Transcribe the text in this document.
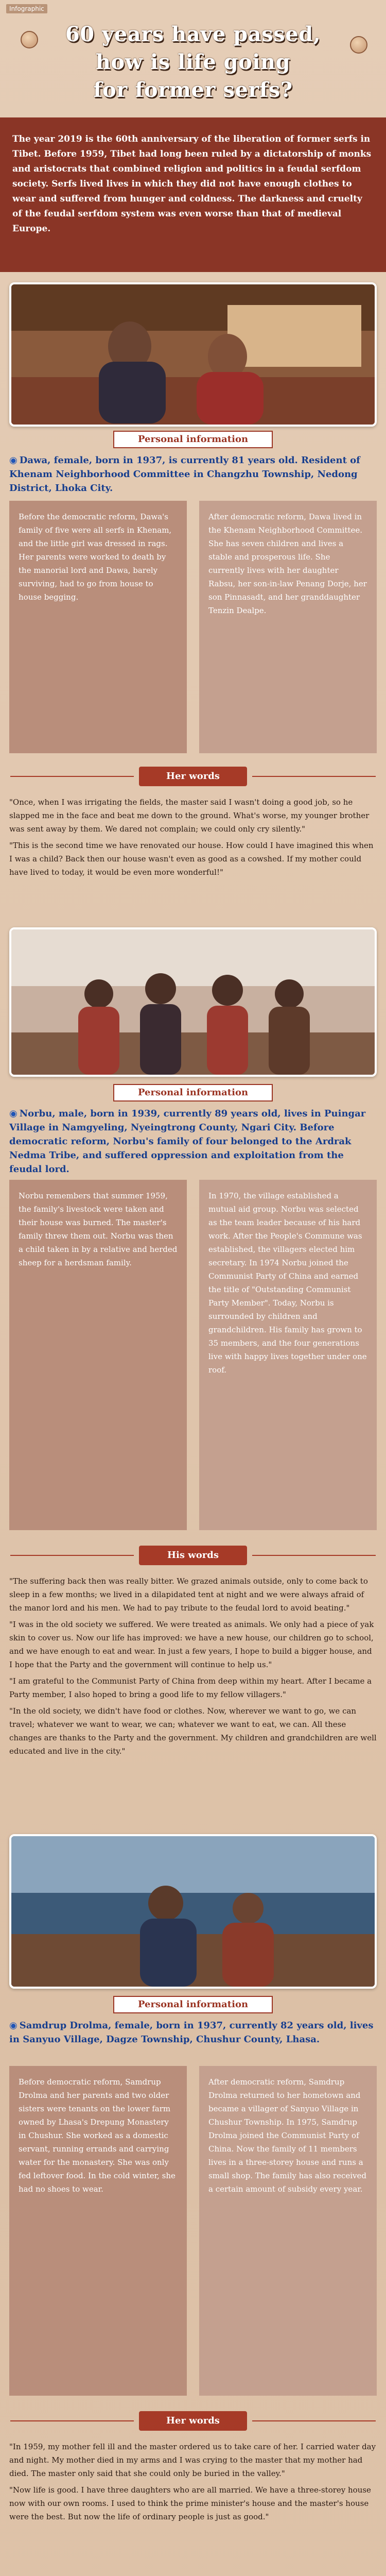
Infographic
60 years have passed,
how is life going
for former serfs?
The year 2019 is the 60th anniversary of the liberation of former serfs in Tibet. Before 1959, Tibet had long been ruled by a dictatorship of monks and aristocrats that combined religion and politics in a feudal serfdom society. Serfs lived lives in which they did not have enough clothes to wear and suffered from hunger and coldness. The darkness and cruelty of the feudal serfdom system was even worse than that of medieval Europe.
Personal information
◉ Dawa, female, born in 1937, is currently 81 years old. Resident of Khenam Neighborhood Committee in Changzhu Township, Nedong District, Lhoka City.
Before the democratic reform, Dawa's family of five were all serfs in Khenam, and the little girl was dressed in rags. Her parents were worked to death by the manorial lord and Dawa, barely surviving, had to go from house to house begging.
After democratic reform, Dawa lived in the Khenam Neighborhood Committee. She has seven children and lives a stable and prosperous life. She currently lives with her daughter Rabsu, her son-in-law Penang Dorje, her son Pinnasadt, and her granddaughter Tenzin Dealpe.
Her words

"Once, when I was irrigating the fields, the master said I wasn't doing a good job, so he slapped me in the face and beat me down to the ground. What's worse, my younger brother was sent away by them. We dared not complain; we could only cry silently."

"This is the second time we have renovated our house. How could I have imagined this when I was a child? Back then our house wasn't even as good as a cowshed. If my mother could have lived to today, it would be even more wonderful!"

Personal information
◉ Norbu, male, born in 1939, currently 89 years old, lives in Puingar Village in Namgyeling, Nyeingtrong County, Ngari City. Before democratic reform, Norbu's family of four belonged to the Ardrak Nedma Tribe, and suffered oppression and exploitation from the feudal lord.
Norbu remembers that summer 1959, the family's livestock were taken and their house was burned. The master's family threw them out. Norbu was then a child taken in by a relative and herded sheep for a herdsman family.
In 1970, the village established a mutual aid group. Norbu was selected as the team leader because of his hard work. After the People's Commune was established, the villagers elected him secretary. In 1974 Norbu joined the Communist Party of China and earned the title of "Outstanding Communist Party Member". Today, Norbu is surrounded by children and grandchildren. His family has grown to 35 members, and the four generations live with happy lives together under one roof.
His words

"The suffering back then was really bitter. We grazed animals outside, only to come back to sleep in a few months; we lived in a dilapidated tent at night and we were always afraid of the manor lord and his men. We had to pay tribute to the feudal lord to avoid beating."

"I was in the old society we suffered. We were treated as animals. We only had a piece of yak skin to cover us. Now our life has improved: we have a new house, our children go to school, and we have enough to eat and wear. In just a few years, I hope to build a bigger house, and I hope that the Party and the government will continue to help us."

"I am grateful to the Communist Party of China from deep within my heart. After I became a Party member, I also hoped to bring a good life to my fellow villagers."

"In the old society, we didn't have food or clothes. Now, wherever we want to go, we can travel; whatever we want to wear, we can; whatever we want to eat, we can. All these changes are thanks to the Party and the government. My children and grandchildren are well educated and live in the city."

Personal information
◉ Samdrup Drolma, female, born in 1937, currently 82 years old, lives in Sanyuo Village, Dagze Township, Chushur County, Lhasa.
Before democratic reform, Samdrup Drolma and her parents and two older sisters were tenants on the lower farm owned by Lhasa's Drepung Monastery in Chushur. She worked as a domestic servant, running errands and carrying water for the monastery. She was only fed leftover food. In the cold winter, she had no shoes to wear.
After democratic reform, Samdrup Drolma returned to her hometown and became a villager of Sanyuo Village in Chushur Township. In 1975, Samdrup Drolma joined the Communist Party of China. Now the family of 11 members lives in a three-storey house and runs a small shop. The family has also received a certain amount of subsidy every year.
Her words

"In 1959, my mother fell ill and the master ordered us to take care of her. I carried water day and night. My mother died in my arms and I was crying to the master that my mother had died. The master only said that she could only be buried in the valley."

"Now life is good. I have three daughters who are all married. We have a three-storey house now with our own rooms. I used to think the prime minister's house and the master's house were the best. But now the life of ordinary people is just as good."
